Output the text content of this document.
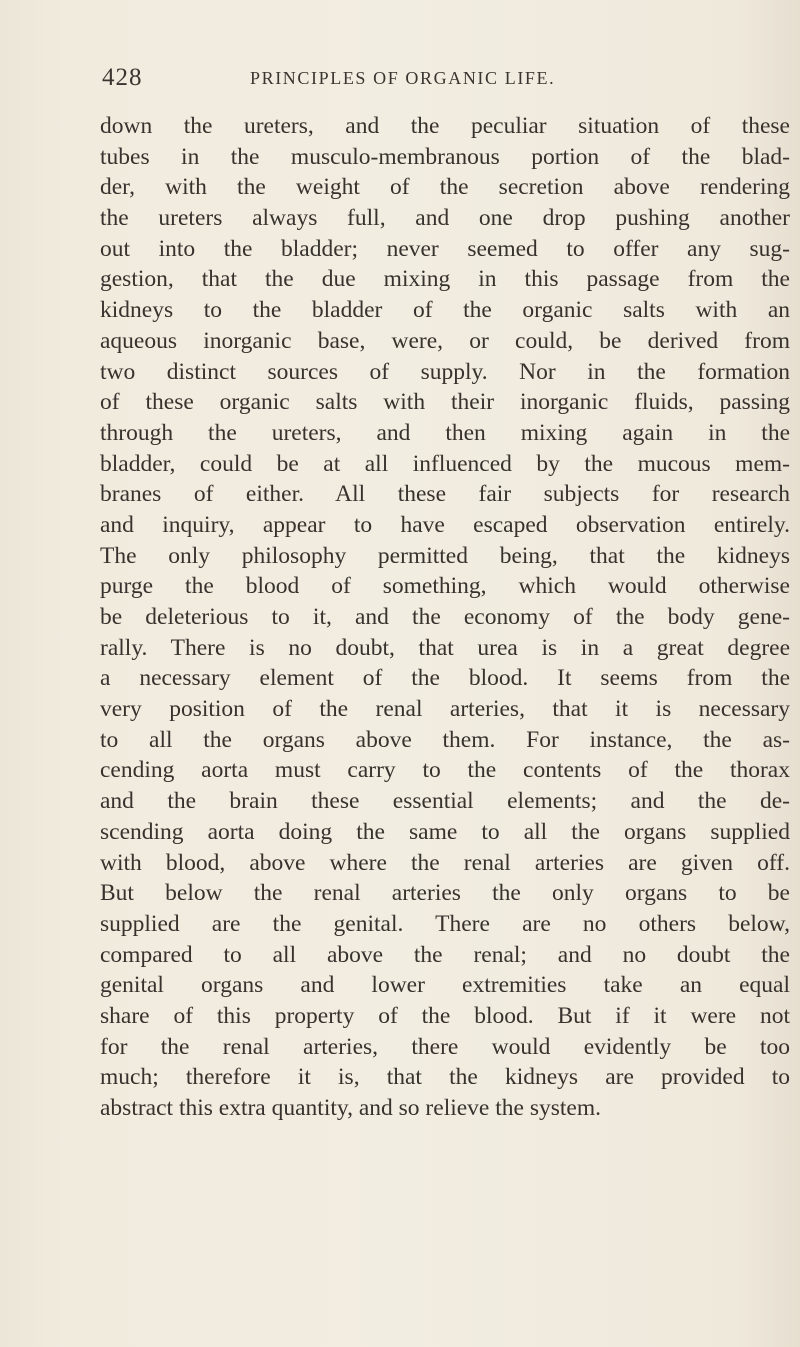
428	PRINCIPLES OF ORGANIC LIFE.
down the ureters, and the peculiar situation of these
tubes in the musculo-membranous portion of the blad-
der, with the weight of the secretion above rendering
the ureters always full, and one drop pushing another
out into the bladder; never seemed to offer any sug-
gestion, that the due mixing in this passage from the
kidneys to the bladder of the organic salts with an
aqueous inorganic base, were, or could, be derived from
two distinct sources of supply. Nor in the formation
of these organic salts with their inorganic fluids, passing
through the ureters, and then mixing again in the
bladder, could be at all influenced by the mucous mem-
branes of either. All these fair subjects for research
and inquiry, appear to have escaped observation entirely.
The only philosophy permitted being, that the kidneys
purge the blood of something, which would otherwise
be deleterious to it, and the economy of the body gene-
rally. There is no doubt, that urea is in a great degree
a necessary element of the blood. It seems from the
very position of the renal arteries, that it is necessary
to all the organs above them. For instance, the as-
cending aorta must carry to the contents of the thorax
and the brain these essential elements; and the de-
scending aorta doing the same to all the organs supplied
with blood, above where the renal arteries are given off.
But below the renal arteries the only organs to be
supplied are the genital. There are no others below,
compared to all above the renal; and no doubt the
genital organs and lower extremities take an equal
share of this property of the blood. But if it were not
for the renal arteries, there would evidently be too
much; therefore it is, that the kidneys are provided to
abstract this extra quantity, and so relieve the system.
